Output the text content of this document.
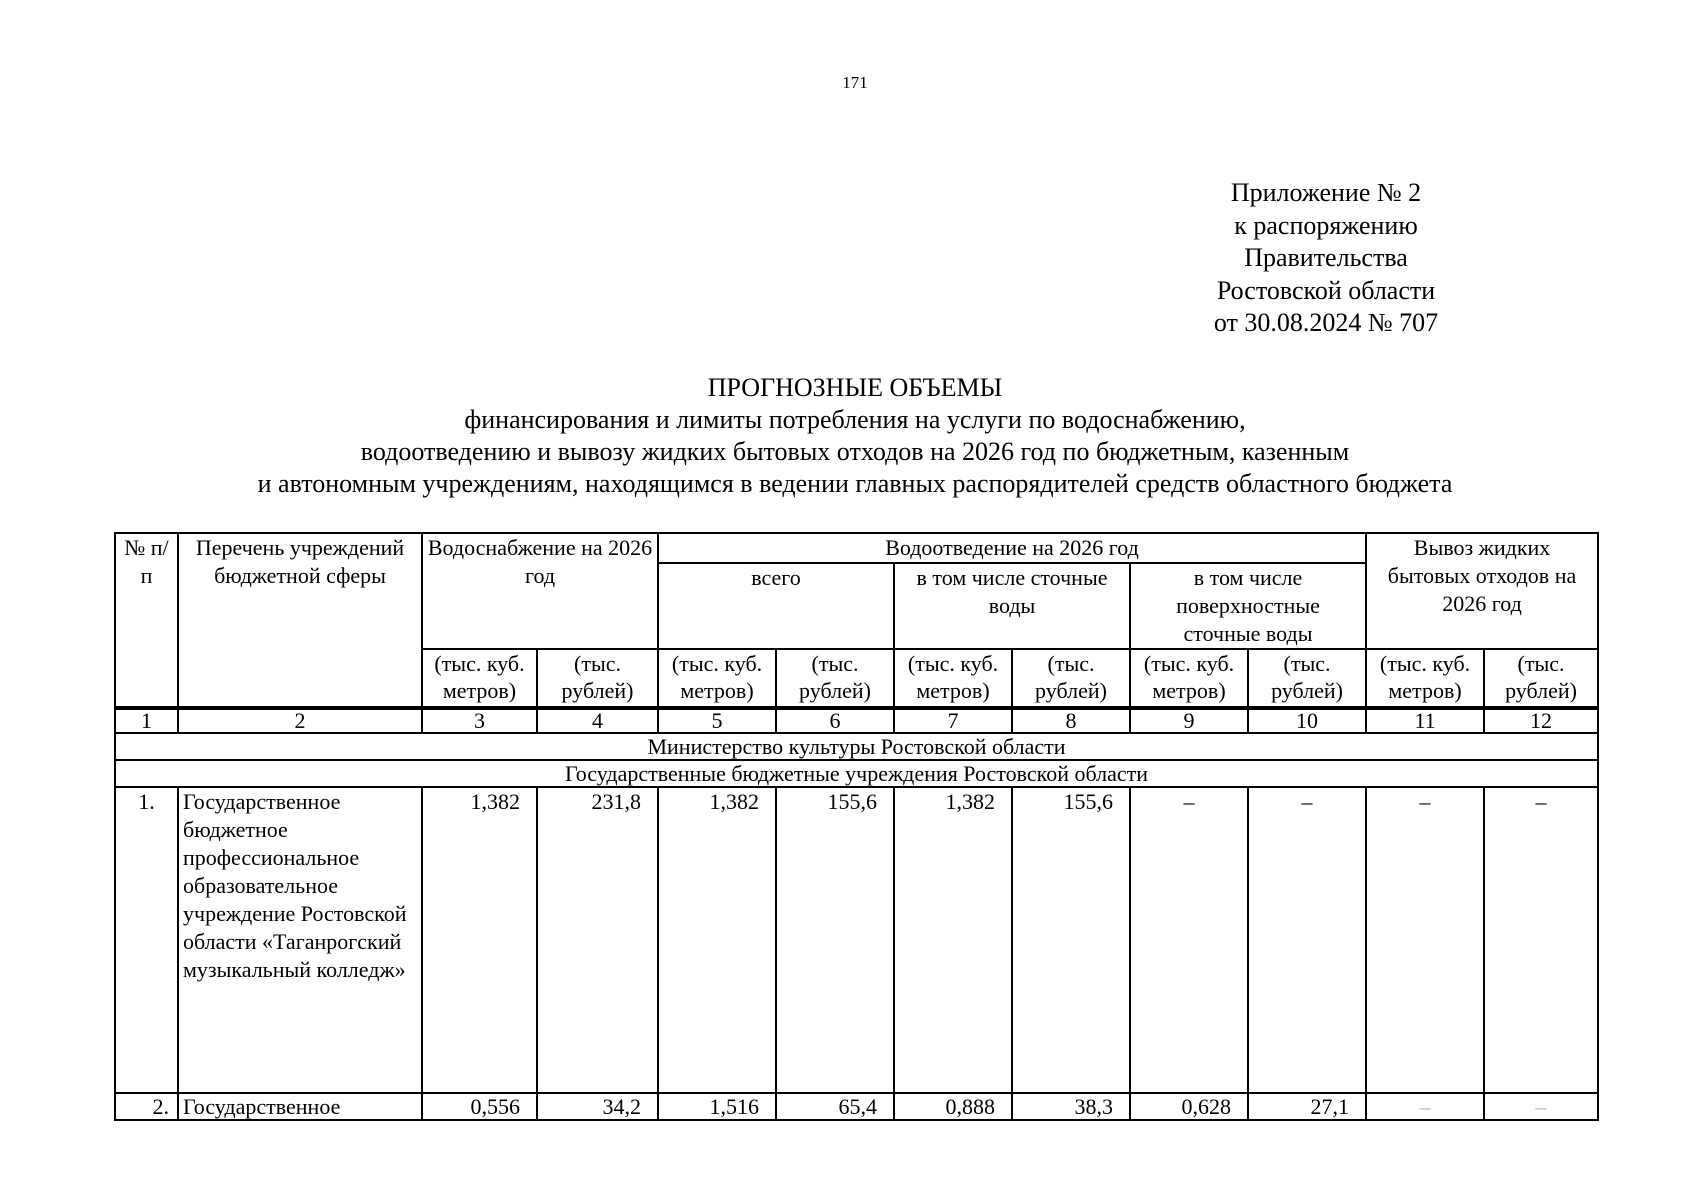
171
Приложение № 2
к распоряжению
Правительства
Ростовской области
от 30.08.2024 № 707
ПРОГНОЗНЫЕ ОБЪЕМЫ
финансирования и лимиты потребления на услуги по водоснабжению,
водоотведению и вывозу жидких бытовых отходов на 2026 год по бюджетным, казенным
и автономным учреждениям, находящимся в ведении главных распорядителей средств областного бюджета
№ п/п	Перечень учреждений бюджетной сферы	Водоснабжение на 2026 год		Водоотведение на 2026 год						Вывоз жидких бытовых отходов на 2026 год	
				всего		в том числе сточные воды		в том числе поверхностные сточные воды			
		(тыс. куб. метров)	(тыс. рублей)	(тыс. куб. метров)	(тыс. рублей)	(тыс. куб. метров)	(тыс. рублей)	(тыс. куб. метров)	(тыс. рублей)	(тыс. куб. метров)	(тыс. рублей)
1	2	3	4	5	6	7	8	9	10	11	12
Министерство культуры Ростовской области											
Государственные бюджетные учреждения Ростовской области											
1.	Государственное бюджетное профессиональное образовательное учреждение Ростовской области «Таганрогский музыкальный колледж»	1,382	231,8	1,382	155,6	1,382	155,6	–	–	–	–
2.	Государственное	0,556	34,2	1,516	65,4	0,888	38,3	0,628	27,1	–	–
